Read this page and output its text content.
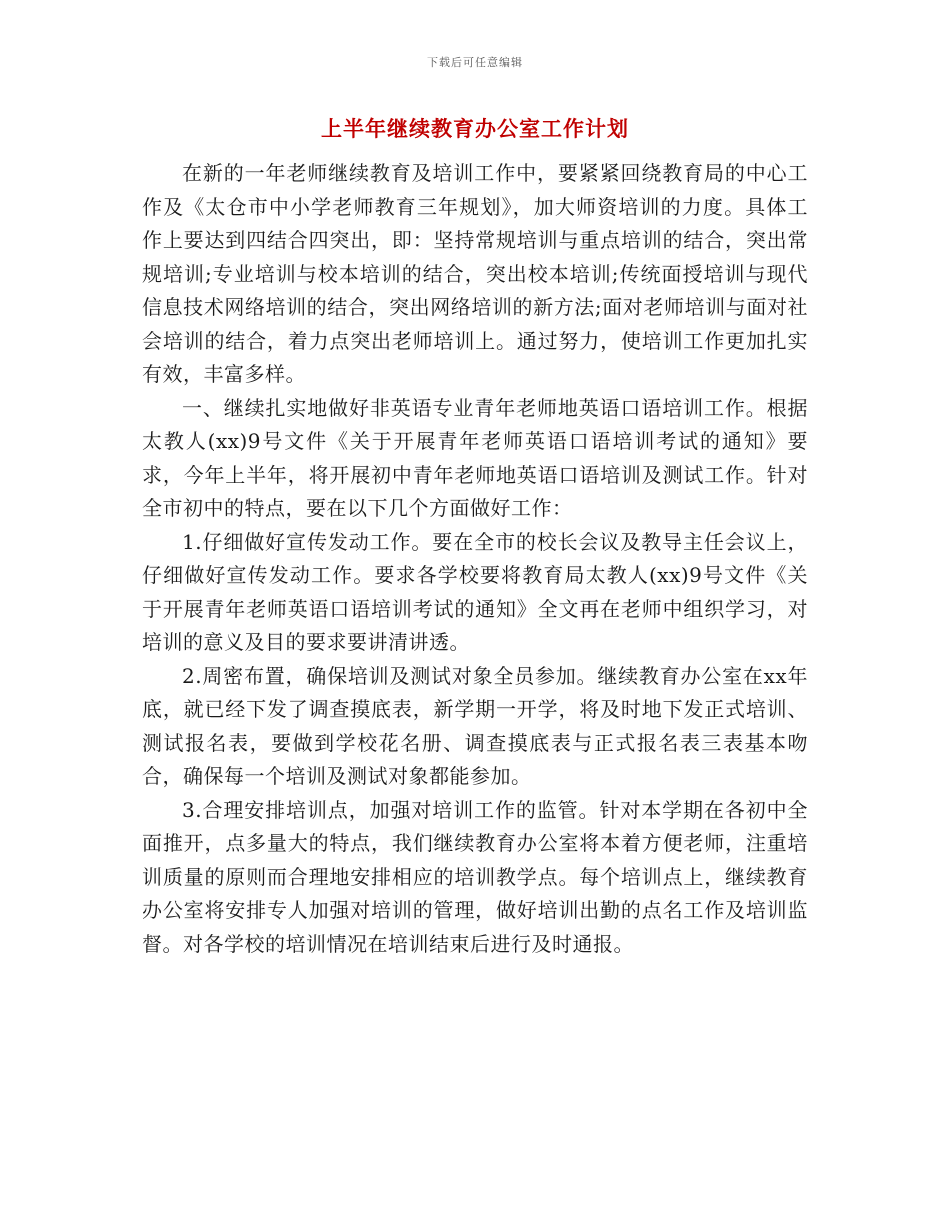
下载后可任意编辑
上半年继续教育办公室工作计划

在新的一年老师继续教育及培训工作中，要紧紧回绕教育局的中心工作及《太仓市中小学老师教育三年规划》，加大师资培训的力度。具体工作上要达到四结合四突出，即：坚持常规培训与重点培训的结合，突出常规培训;专业培训与校本培训的结合，突出校本培训;传统面授培训与现代信息技术网络培训的结合，突出网络培训的新方法;面对老师培训与面对社会培训的结合，着力点突出老师培训上。通过努力，使培训工作更加扎实有效，丰富多样。

一、继续扎实地做好非英语专业青年老师地英语口语培训工作。根据太教人(xx)9号文件《关于开展青年老师英语口语培训考试的通知》要求，今年上半年，将开展初中青年老师地英语口语培训及测试工作。针对全市初中的特点，要在以下几个方面做好工作：

1.仔细做好宣传发动工作。要在全市的校长会议及教导主任会议上，仔细做好宣传发动工作。要求各学校要将教育局太教人(xx)9号文件《关于开展青年老师英语口语培训考试的通知》全文再在老师中组织学习，对培训的意义及目的要求要讲清讲透。

2.周密布置，确保培训及测试对象全员参加。继续教育办公室在xx年底，就已经下发了调查摸底表，新学期一开学，将及时地下发正式培训、测试报名表，要做到学校花名册、调查摸底表与正式报名表三表基本吻合，确保每一个培训及测试对象都能参加。

3.合理安排培训点，加强对培训工作的监管。针对本学期在各初中全面推开，点多量大的特点，我们继续教育办公室将本着方便老师，注重培训质量的原则而合理地安排相应的培训教学点。每个培训点上，继续教育办公室将安排专人加强对培训的管理，做好培训出勤的点名工作及培训监督。对各学校的培训情况在培训结束后进行及时通报。
